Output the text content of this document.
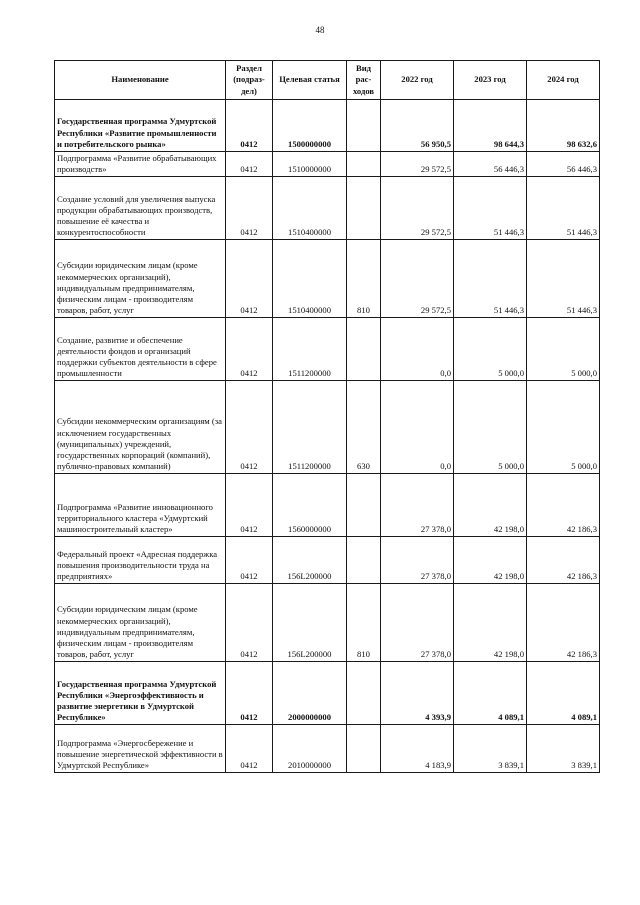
48
Наименование	Раздел (подраз-дел)	Целевая статья	Вид рас-ходов	2022 год	2023 год	2024 год
Государственная программа Удмуртской Республики «Развитие промышленности и потребительского рынка»	0412	1500000000		56 950,5	98 644,3	98 632,6
Подпрограмма «Развитие обрабатывающих производств»	0412	1510000000		29 572,5	56 446,3	56 446,3
Создание условий для увеличения выпуска продукции обрабатывающих производств, повышение её качества и конкурентоспособности	0412	1510400000		29 572,5	51 446,3	51 446,3
Субсидии юридическим лицам (кроме некоммерческих организаций), индивидуальным предпринимателям, физическим лицам - производителям товаров, работ, услуг	0412	1510400000	810	29 572,5	51 446,3	51 446,3
Создание, развитие и обеспечение деятельности фондов и организаций поддержки субъектов деятельности в сфере промышленности	0412	1511200000		0,0	5 000,0	5 000,0
Субсидии некоммерческим организациям (за исключением государственных (муниципальных) учреждений, государственных корпораций (компаний), публично-правовых компаний)	0412	1511200000	630	0,0	5 000,0	5 000,0
Подпрограмма «Развитие инновационного территориального кластера «Удмуртский машиностроительный кластер»	0412	1560000000		27 378,0	42 198,0	42 186,3
Федеральный проект «Адресная поддержка повышения производительности труда на предприятиях»	0412	156L200000		27 378,0	42 198,0	42 186,3
Субсидии юридическим лицам (кроме некоммерческих организаций), индивидуальным предпринимателям, физическим лицам - производителям товаров, работ, услуг	0412	156L200000	810	27 378,0	42 198,0	42 186,3
Государственная программа Удмуртской Республики «Энергоэффективность и развитие энергетики в Удмуртской Республике»	0412	2000000000		4 393,9	4 089,1	4 089,1
Подпрограмма «Энергосбережение и повышение энергетической эффективности в Удмуртской Республике»	0412	2010000000		4 183,9	3 839,1	3 839,1
